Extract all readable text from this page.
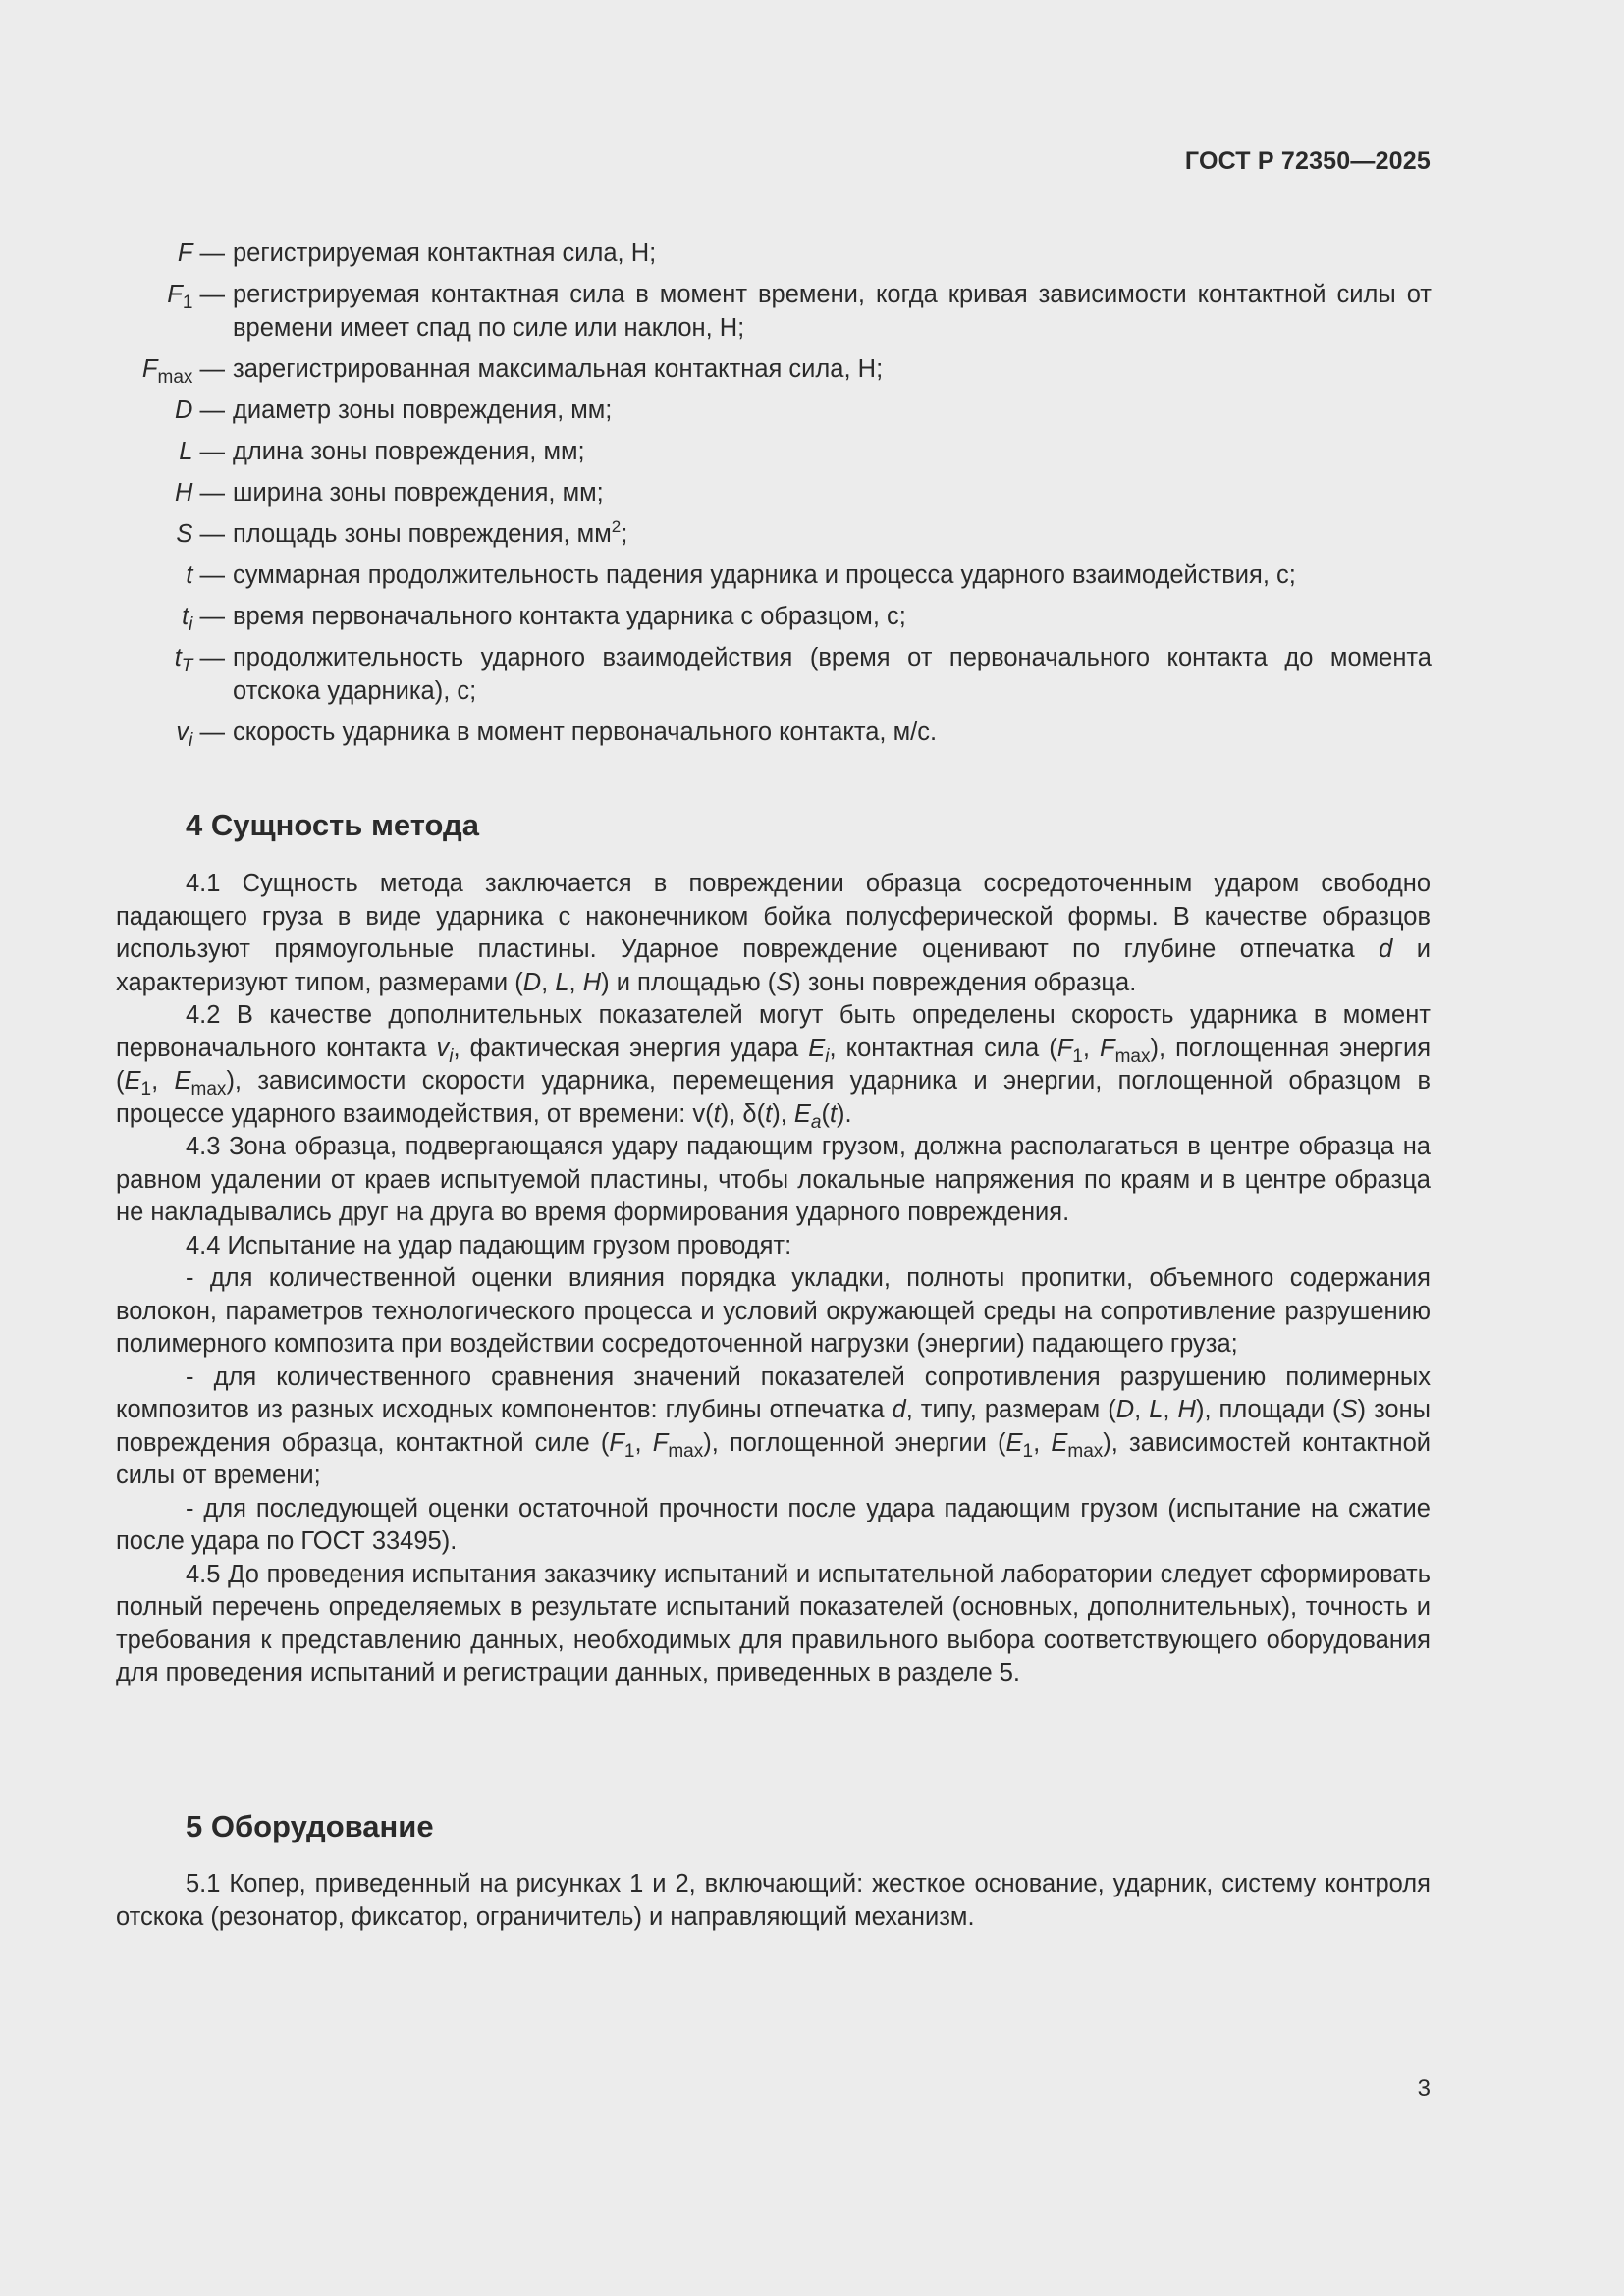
ГОСТ Р 72350—2025
F — регистрируемая контактная сила, Н;
$F_1$ — регистрируемая контактная сила в момент времени, когда кривая зависимости контактной силы от времени имеет спад по силе или наклон, Н;
$F_{max}$ — зарегистрированная максимальная контактная сила, Н;
D — диаметр зоны повреждения, мм;
L — длина зоны повреждения, мм;
H — ширина зоны повреждения, мм;
S — площадь зоны повреждения, $мм^2$;
t — суммарная продолжительность падения ударника и процесса ударного взаимодействия, с;
$t_i$ — время первоначального контакта ударника с образцом, с;
$t_T$ — продолжительность ударного взаимодействия (время от первоначального контакта до момента отскока ударника), с;
$v_i$ — скорость ударника в момент первоначального контакта, м/с.
4 Сущность метода

4.1 Сущность метода заключается в повреждении образца сосредоточенным ударом свободно падающего груза в виде ударника с наконечником бойка полусферической формы. В качестве образцов используют прямоугольные пластины. Ударное повреждение оценивают по глубине отпечатка d и характеризуют типом, размерами (D, L, H) и площадью (S) зоны повреждения образца.

4.2 В качестве дополнительных показателей могут быть определены скорость ударника в момент первоначального контакта $v_i$, фактическая энергия удара $E_i$, контактная сила ($F_1$, $F_{max}$), поглощенная энергия ($E_1$, $E_{max}$), зависимости скорости ударника, перемещения ударника и энергии, поглощенной образцом в процессе ударного взаимодействия, от времени: v(t), δ(t), $E_a(t)$.

4.3 Зона образца, подвергающаяся удару падающим грузом, должна располагаться в центре образца на равном удалении от краев испытуемой пластины, чтобы локальные напряжения по краям и в центре образца не накладывались друг на друга во время формирования ударного повреждения.

4.4 Испытание на удар падающим грузом проводят:

- для количественной оценки влияния порядка укладки, полноты пропитки, объемного содержания волокон, параметров технологического процесса и условий окружающей среды на сопротивление разрушению полимерного композита при воздействии сосредоточенной нагрузки (энергии) падающего груза;

- для количественного сравнения значений показателей сопротивления разрушению полимерных композитов из разных исходных компонентов: глубины отпечатка d, типу, размерам (D, L, H), площади (S) зоны повреждения образца, контактной силе ($F_1$, $F_{max}$), поглощенной энергии ($E_1$, $E_{max}$), зависимостей контактной силы от времени;

- для последующей оценки остаточной прочности после удара падающим грузом (испытание на сжатие после удара по ГОСТ 33495).

4.5 До проведения испытания заказчику испытаний и испытательной лаборатории следует сформировать полный перечень определяемых в результате испытаний показателей (основных, дополнительных), точность и требования к представлению данных, необходимых для правильного выбора соответствующего оборудования для проведения испытаний и регистрации данных, приведенных в разделе 5.

5 Оборудование

5.1 Копер, приведенный на рисунках 1 и 2, включающий: жесткое основание, ударник, систему контроля отскока (резонатор, фиксатор, ограничитель) и направляющий механизм.

3
